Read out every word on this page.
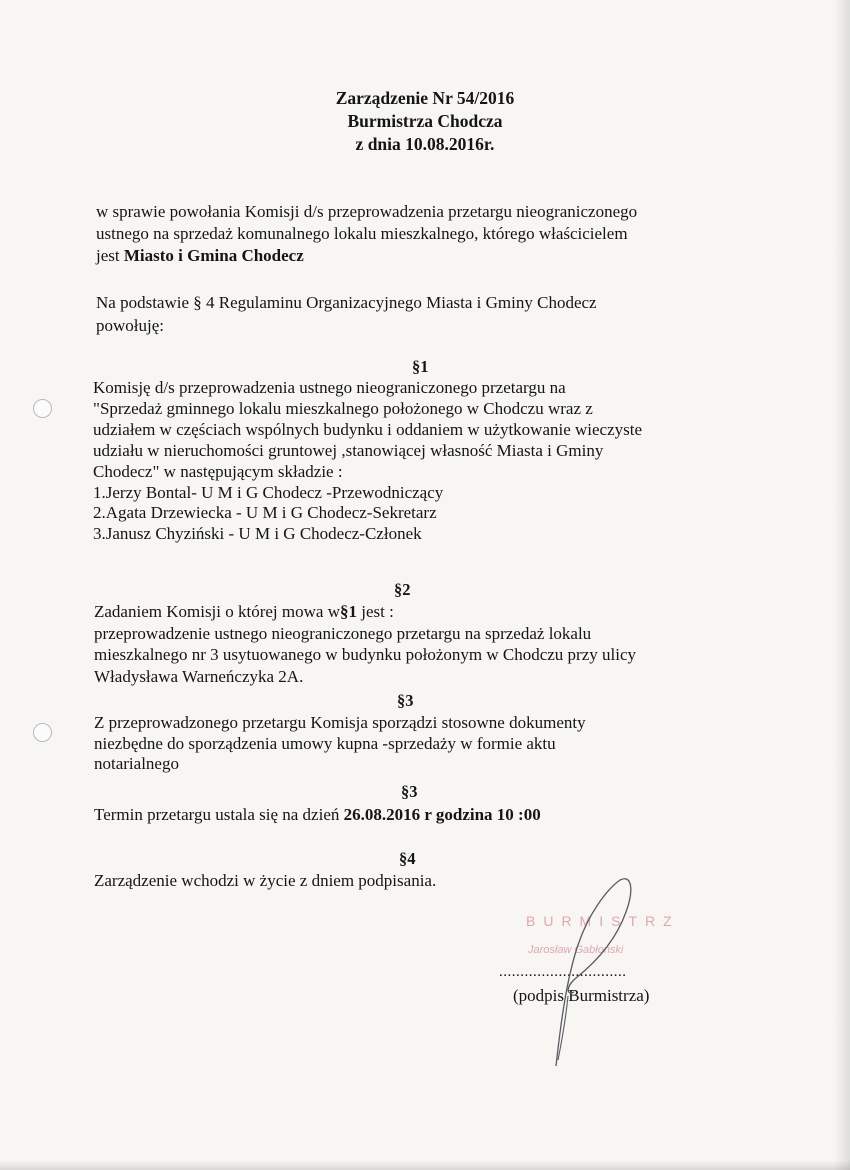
Zarządzenie Nr 54/2016
Burmistrza Chodcza
z dnia 10.08.2016r.
w sprawie powołania Komisji d/s przeprowadzenia przetargu nieograniczonego
ustnego na sprzedaż komunalnego lokalu mieszkalnego, którego właścicielem
jest Miasto i Gmina Chodecz
Na podstawie § 4 Regulaminu Organizacyjnego Miasta i Gminy Chodecz
powołuję:
§1
Komisję d/s przeprowadzenia ustnego nieograniczonego przetargu na
"Sprzedaż gminnego lokalu mieszkalnego położonego w Chodczu wraz z
udziałem w częściach wspólnych budynku i oddaniem w użytkowanie wieczyste
udziału w nieruchomości gruntowej ,stanowiącej własność Miasta i Gminy
Chodecz" w następującym składzie :
1.Jerzy Bontal- U M i G Chodecz -Przewodniczący
2.Agata Drzewiecka - U M i G Chodecz-Sekretarz
3.Janusz Chyziński - U M i G Chodecz-Członek
§2
Zadaniem Komisji o której mowa w§1 jest :
przeprowadzenie ustnego nieograniczonego przetargu na sprzedaż lokalu
mieszkalnego nr 3 usytuowanego w budynku położonym w Chodczu przy ulicy
Władysława Warneńczyka 2A.
§3
Z przeprowadzonego przetargu Komisja sporządzi stosowne dokumenty
niezbędne do sporządzenia umowy kupna -sprzedaży w formie aktu
notarialnego
§3
Termin przetargu ustala się na dzień 26.08.2016 r godzina 10 :00
§4
Zarządzenie wchodzi w życie z dniem podpisania.
BURMISTRZ
Jarosław Gabłoński
..............................
(podpis Burmistrza)
